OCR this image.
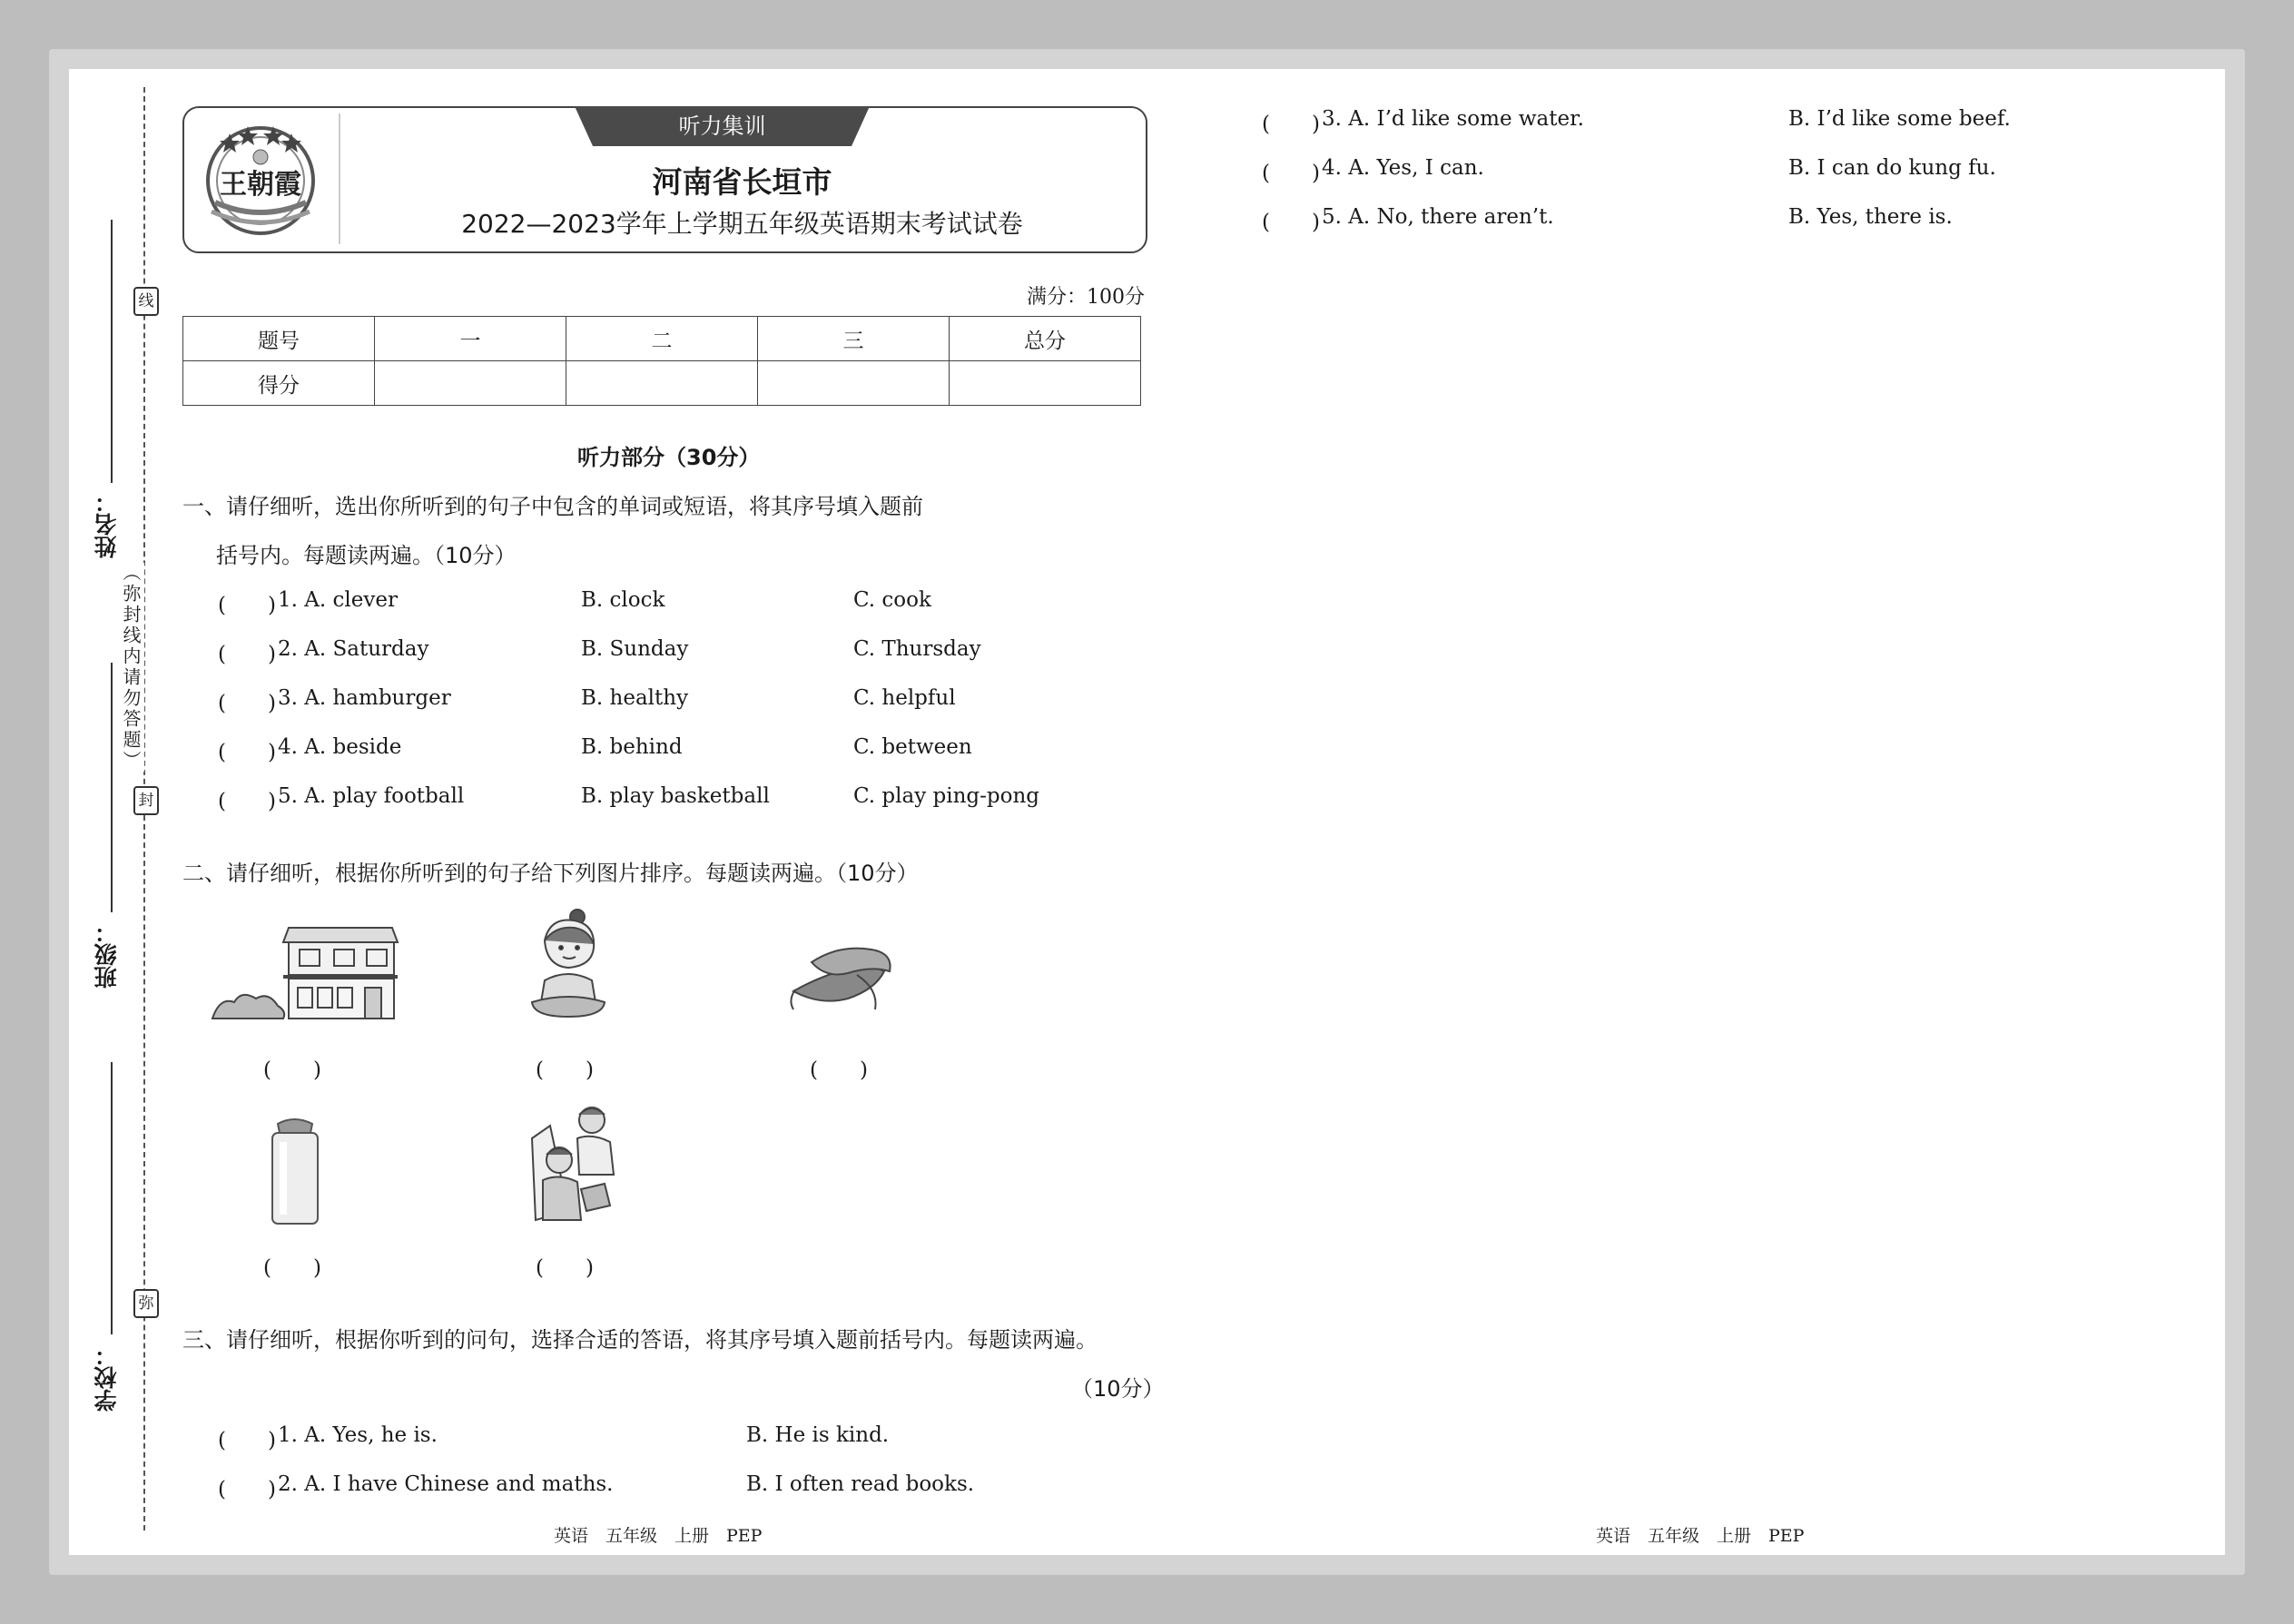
姓名：
班级：
学校：
线
封
弥
（弥封线内请勿答题）
王朝霞
听力集训
河南省长垣市
2022—2023学年上学期五年级英语期末考试试卷
满分：100分
题号	一	二	三	总分
得分				
听力部分（30分）
一、请仔细听，选出你所听到的句子中包含的单词或短语，将其序号填入题前
括号内。每题读两遍。（10分）
(　　) 1. A. clever	B. clock	C. cook
(　　) 2. A. Saturday	B. Sunday	C. Thursday
(　　) 3. A. hamburger	B. healthy	C. helpful
(　　) 4. A. beside	B. behind	C. between
(　　) 5. A. play football	B. play basketball	C. play ping-pong
二、请仔细听，根据你所听到的句子给下列图片排序。每题读两遍。（10分）
(　　)	(　　)	(　　)
(　　)	(　　)
三、请仔细听，根据你听到的问句，选择合适的答语，将其序号填入题前括号内。每题读两遍。
（10分）
(　　) 1. A. Yes, he is.	B. He is kind.
(　　) 2. A. I have Chinese and maths.	B. I often read books.
(　　) 3. A. I’d like some water.	B. I’d like some beef.
(　　) 4. A. Yes, I can.	B. I can do kung fu.
(　　) 5. A. No, there aren’t.	B. Yes, there is.
英语　五年级　上册　PEP	英语　五年级　上册　PEP
